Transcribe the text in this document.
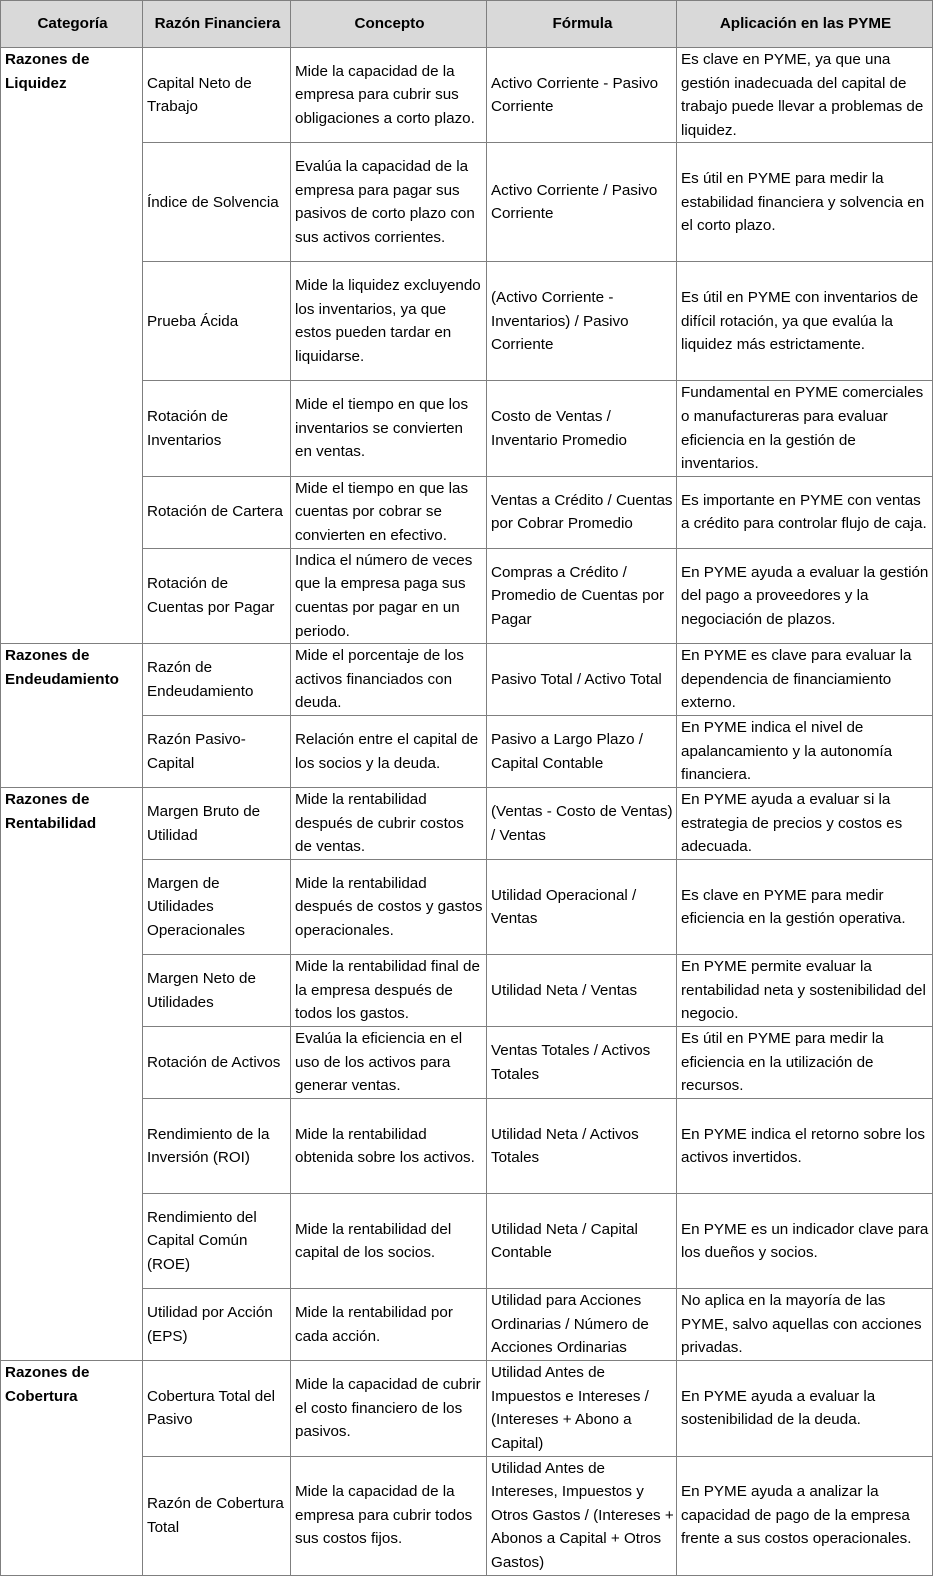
Categoría	Razón Financiera	Concepto	Fórmula	Aplicación en las PYME
Razones de Liquidez	Capital Neto de Trabajo	Mide la capacidad de la empresa para cubrir sus obligaciones a corto plazo.	Activo Corriente - Pasivo Corriente	Es clave en PYME, ya que una gestión inadecuada del capital de trabajo puede llevar a problemas de liquidez.
	Índice de Solvencia	Evalúa la capacidad de la empresa para pagar sus pasivos de corto plazo con sus activos corrientes.	Activo Corriente / Pasivo Corriente	Es útil en PYME para medir la estabilidad financiera y solvencia en el corto plazo.
	Prueba Ácida	Mide la liquidez excluyendo los inventarios, ya que estos pueden tardar en liquidarse.	(Activo Corriente - Inventarios) / Pasivo Corriente	Es útil en PYME con inventarios de difícil rotación, ya que evalúa la liquidez más estrictamente.
	Rotación de Inventarios	Mide el tiempo en que los inventarios se convierten en ventas.	Costo de Ventas / Inventario Promedio	Fundamental en PYME comerciales o manufactureras para evaluar eficiencia en la gestión de inventarios.
	Rotación de Cartera	Mide el tiempo en que las cuentas por cobrar se convierten en efectivo.	Ventas a Crédito / Cuentas por Cobrar Promedio	Es importante en PYME con ventas a crédito para controlar flujo de caja.
	Rotación de Cuentas por Pagar	Indica el número de veces que la empresa paga sus cuentas por pagar en un periodo.	Compras a Crédito / Promedio de Cuentas por Pagar	En PYME ayuda a evaluar la gestión del pago a proveedores y la negociación de plazos.
Razones de Endeudamiento	Razón de Endeudamiento	Mide el porcentaje de los activos financiados con deuda.	Pasivo Total / Activo Total	En PYME es clave para evaluar la dependencia de financiamiento externo.
	Razón Pasivo-Capital	Relación entre el capital de los socios y la deuda.	Pasivo a Largo Plazo / Capital Contable	En PYME indica el nivel de apalancamiento y la autonomía financiera.
Razones de Rentabilidad	Margen Bruto de Utilidad	Mide la rentabilidad después de cubrir costos de ventas.	(Ventas - Costo de Ventas) / Ventas	En PYME ayuda a evaluar si la estrategia de precios y costos es adecuada.
	Margen de Utilidades Operacionales	Mide la rentabilidad después de costos y gastos operacionales.	Utilidad Operacional / Ventas	Es clave en PYME para medir eficiencia en la gestión operativa.
	Margen Neto de Utilidades	Mide la rentabilidad final de la empresa después de todos los gastos.	Utilidad Neta / Ventas	En PYME permite evaluar la rentabilidad neta y sostenibilidad del negocio.
	Rotación de Activos	Evalúa la eficiencia en el uso de los activos para generar ventas.	Ventas Totales / Activos Totales	Es útil en PYME para medir la eficiencia en la utilización de recursos.
	Rendimiento de la Inversión (ROI)	Mide la rentabilidad obtenida sobre los activos.	Utilidad Neta / Activos Totales	En PYME indica el retorno sobre los activos invertidos.
	Rendimiento del Capital Común (ROE)	Mide la rentabilidad del capital de los socios.	Utilidad Neta / Capital Contable	En PYME es un indicador clave para los dueños y socios.
	Utilidad por Acción (EPS)	Mide la rentabilidad por cada acción.	Utilidad para Acciones Ordinarias / Número de Acciones Ordinarias	No aplica en la mayoría de las PYME, salvo aquellas con acciones privadas.
Razones de Cobertura	Cobertura Total del Pasivo	Mide la capacidad de cubrir el costo financiero de los pasivos.	Utilidad Antes de Impuestos e Intereses / (Intereses + Abono a Capital)	En PYME ayuda a evaluar la sostenibilidad de la deuda.
	Razón de Cobertura Total	Mide la capacidad de la empresa para cubrir todos sus costos fijos.	Utilidad Antes de Intereses, Impuestos y Otros Gastos / (Intereses + Abonos a Capital + Otros Gastos)	En PYME ayuda a analizar la capacidad de pago de la empresa frente a sus costos operacionales.
